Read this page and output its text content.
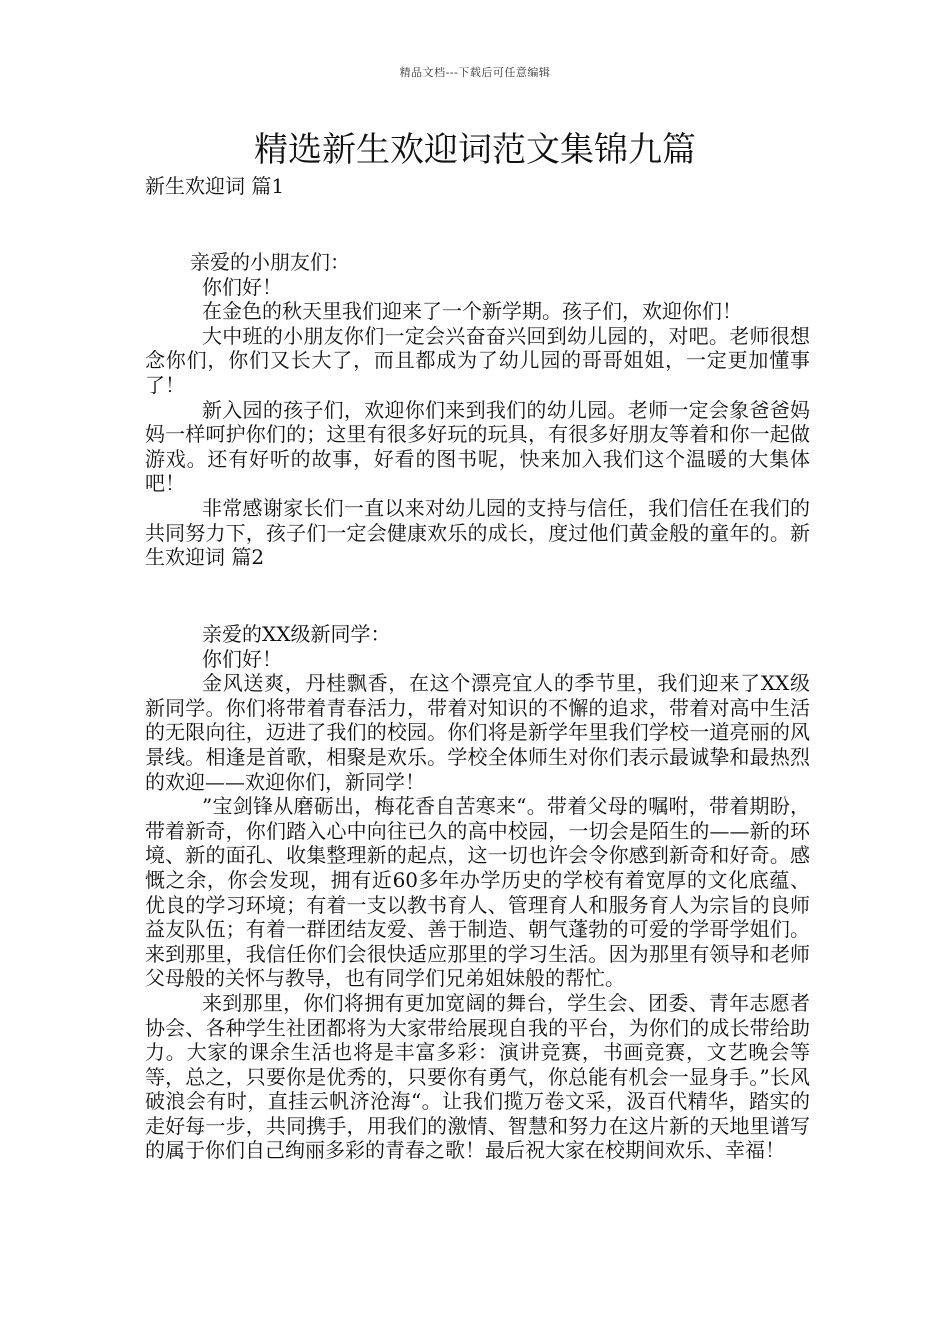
精品文档---下载后可任意编辑
精选新生欢迎词范文集锦九篇
新生欢迎词 篇1

亲爱的小朋友们：

你们好！

在金色的秋天里我们迎来了一个新学期。孩子们，欢迎你们！

大中班的小朋友你们一定会兴奋奋兴回到幼儿园的，对吧。老师很想念你们，你们又长大了，而且都成为了幼儿园的哥哥姐姐，一定更加懂事了！

新入园的孩子们，欢迎你们来到我们的幼儿园。老师一定会象爸爸妈妈一样呵护你们的；这里有很多好玩的玩具，有很多好朋友等着和你一起做游戏。还有好听的故事，好看的图书呢，快来加入我们这个温暖的大集体吧！

非常感谢家长们一直以来对幼儿园的支持与信任，我们信任在我们的共同努力下，孩子们一定会健康欢乐的成长，度过他们黄金般的童年的。新生欢迎词 篇2

亲爱的XX级新同学：

你们好！

金风送爽，丹桂飘香，在这个漂亮宜人的季节里，我们迎来了XX级新同学。你们将带着青春活力，带着对知识的不懈的追求，带着对高中生活的无限向往，迈进了我们的校园。你们将是新学年里我们学校一道亮丽的风景线。相逢是首歌，相聚是欢乐。学校全体师生对你们表示最诚挚和最热烈的欢迎——欢迎你们，新同学！

”宝剑锋从磨砺出，梅花香自苦寒来“。带着父母的嘱咐，带着期盼，带着新奇，你们踏入心中向往已久的高中校园，一切会是陌生的——新的环境、新的面孔、收集整理新的起点，这一切也许会令你感到新奇和好奇。感慨之余，你会发现，拥有近60多年办学历史的学校有着宽厚的文化底蕴、优良的学习环境；有着一支以教书育人、管理育人和服务育人为宗旨的良师益友队伍；有着一群团结友爱、善于制造、朝气蓬勃的可爱的学哥学姐们。来到那里，我信任你们会很快适应那里的学习生活。因为那里有领导和老师父母般的关怀与教导，也有同学们兄弟姐妹般的帮忙。

来到那里，你们将拥有更加宽阔的舞台，学生会、团委、青年志愿者协会、各种学生社团都将为大家带给展现自我的平台，为你们的成长带给助力。大家的课余生活也将是丰富多彩：演讲竞赛，书画竞赛，文艺晚会等等，总之，只要你是优秀的，只要你有勇气，你总能有机会一显身手。”长风破浪会有时，直挂云帆济沧海“。让我们揽万卷文采，汲百代精华，踏实的走好每一步，共同携手，用我们的激情、智慧和努力在这片新的天地里谱写的属于你们自己绚丽多彩的青春之歌！最后祝大家在校期间欢乐、幸福！
